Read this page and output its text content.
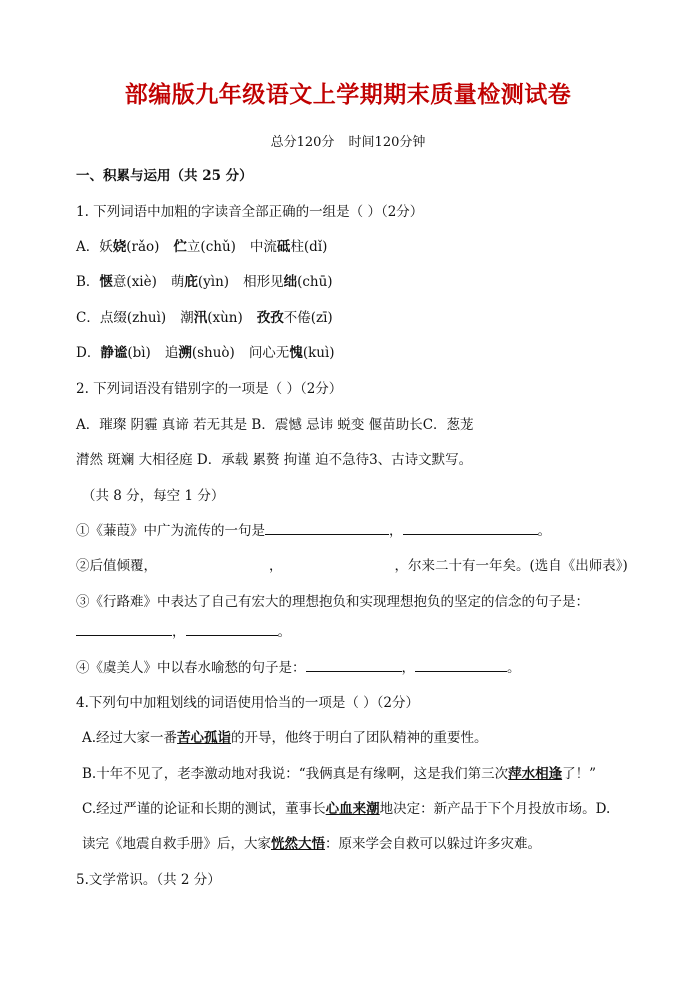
部编版九年级语文上学期期末质量检测试卷
总分120分 时间120分钟
一、积累与运用（共 25 分）
1. 下列词语中加粗的字读音全部正确的一组是（ ）（2分）
A．妖娆(rǎo) 伫立(chǔ) 中流砥柱(dǐ)
B．惬意(xiè) 萌庇(yìn) 相形见绌(chū)
C．点缀(zhuì) 潮汛(xùn) 孜孜不倦(zī)
D．静谧(bì) 追溯(shuò) 问心无愧(kuì)
2. 下列词语没有错别字的一项是（ ）（2分）
A．璀璨 阴霾 真谛 若无其是 B．震憾 忌讳 蜕变 偃苗助长C．葱茏
潸然 斑斓 大相径庭 D．承载 累赘 拘谨 迫不急待3、古诗文默写。
（共 8 分，每空 1 分）
①《蒹葭》中广为流传的一句是	，	。
②后值倾覆，	，	，尔来二十有一年矣。(选自《出师表》)
③《行路难》中表达了自己有宏大的理想抱负和实现理想抱负的坚定的信念的句子是：
，	。
④《虞美人》中以春水喻愁的句子是：	，	。
4.下列句中加粗划线的词语使用恰当的一项是（ ）（2分）
A.经过大家一番苦心孤诣的开导，他终于明白了团队精神的重要性。
B.十年不见了，老李激动地对我说：“我俩真是有缘啊，这是我们第三次萍水相逢了！”
C.经过严谨的论证和长期的测试，董事长心血来潮地决定：新产品于下个月投放市场。D.
读完《地震自救手册》后，大家恍然大悟：原来学会自救可以躲过许多灾难。
5.文学常识。（共 2 分）
